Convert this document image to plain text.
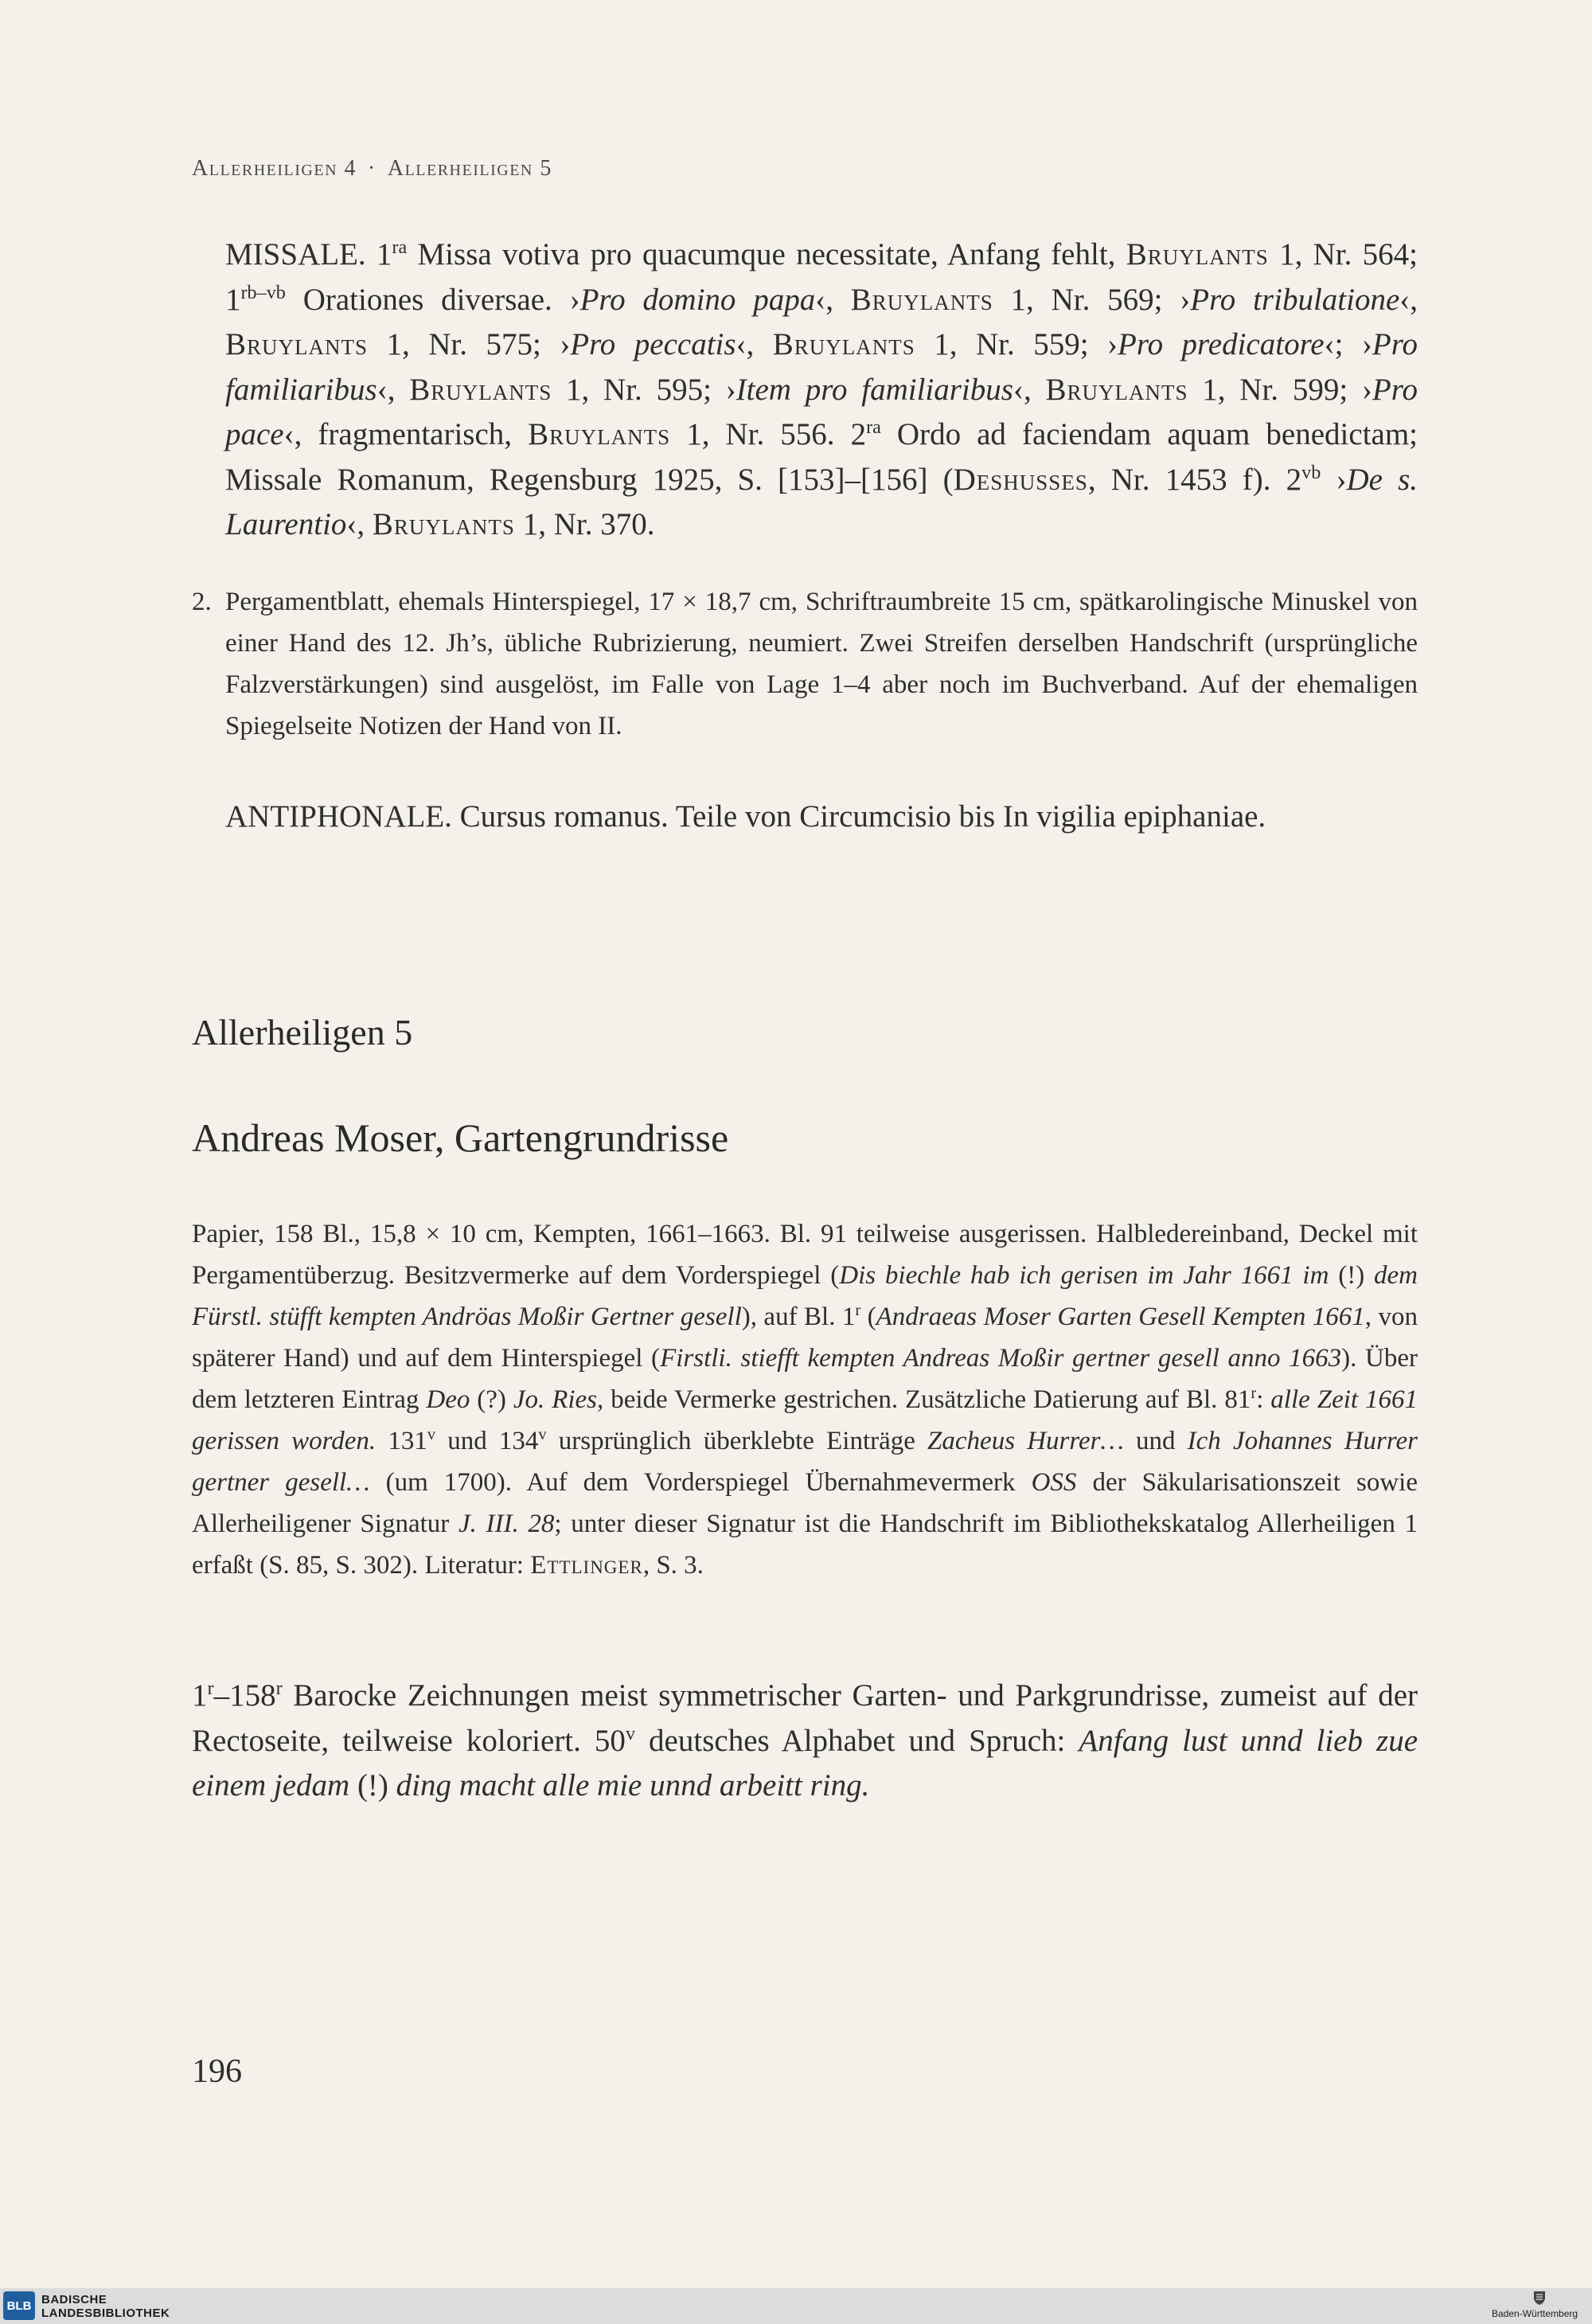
Allerheiligen 4 · Allerheiligen 5

MISSALE. $1^{ra}$ Missa votiva pro quacumque necessitate, Anfang fehlt, Bruylants 1, Nr. 564; $1^{rb-vb}$ Orationes diversae. ›Pro domino papa‹, Bruylants 1, Nr. 569; ›Pro tribulatione‹, Bruylants 1, Nr. 575; ›Pro peccatis‹, Bruylants 1, Nr. 559; ›Pro predicatore‹; ›Pro familiaribus‹, Bruylants 1, Nr. 595; ›Item pro familiaribus‹, Bruylants 1, Nr. 599; ›Pro pace‹, fragmentarisch, Bruylants 1, Nr. 556. $2^{ra}$ Ordo ad faciendam aquam benedictam; Missale Romanum, Regensburg 1925, S. [153]–[156] (Deshusses, Nr. 1453 f). $2^{vb}$ ›De s. Laurentio‹, Bruylants 1, Nr. 370.

2. Pergamentblatt, ehemals Hinterspiegel, 17 × 18,7 cm, Schriftraumbreite 15 cm, spätkarolingische Minuskel von einer Hand des 12. Jh’s, übliche Rubrizierung, neumiert. Zwei Streifen derselben Handschrift (ursprüngliche Falzverstärkungen) sind ausgelöst, im Falle von Lage 1–4 aber noch im Buchverband. Auf der ehemaligen Spiegelseite Notizen der Hand von II.

ANTIPHONALE. Cursus romanus. Teile von Circumcisio bis In vigilia epiphaniae.

Allerheiligen 5
Andreas Moser, Gartengrundrisse

Papier, 158 Bl., 15,8 × 10 cm, Kempten, 1661–1663. Bl. 91 teilweise ausgerissen. Halbledereinband, Deckel mit Pergamentüberzug. Besitzvermerke auf dem Vorderspiegel (Dis biechle hab ich gerisen im Jahr 1661 im (!) dem Fürstl. stüfft kempten Andröas Moßir Gertner gesell), auf Bl. 1$^r$ (Andraeas Moser Garten Gesell Kempten 1661, von späterer Hand) und auf dem Hinterspiegel (Firstli. stiefft kempten Andreas Moßir gertner gesell anno 1663). Über dem letzteren Eintrag Deo (?) Jo. Ries, beide Vermerke gestrichen. Zusätzliche Datierung auf Bl. 81$^r$: alle Zeit 1661 gerissen worden. 131$^v$ und 134$^v$ ursprünglich überklebte Einträge Zacheus Hurrer… und Ich Johannes Hurrer gertner gesell… (um 1700). Auf dem Vorderspiegel Übernahmevermerk OSS der Säkularisationszeit sowie Allerheiligener Signatur J. III. 28; unter dieser Signatur ist die Handschrift im Bibliothekskatalog Allerheiligen 1 erfaßt (S. 85, S. 302). Literatur: Ettlinger, S. 3.

1$^r$–158$^r$ Barocke Zeichnungen meist symmetrischer Garten- und Parkgrundrisse, zumeist auf der Rectoseite, teilweise koloriert. 50$^v$ deutsches Alphabet und Spruch: Anfang lust unnd lieb zue einem jedam (!) ding macht alle mie unnd arbeitt ring.

196
BLB BADISCHE
LANDESBIBLIOTHEK	Baden-Württemberg
